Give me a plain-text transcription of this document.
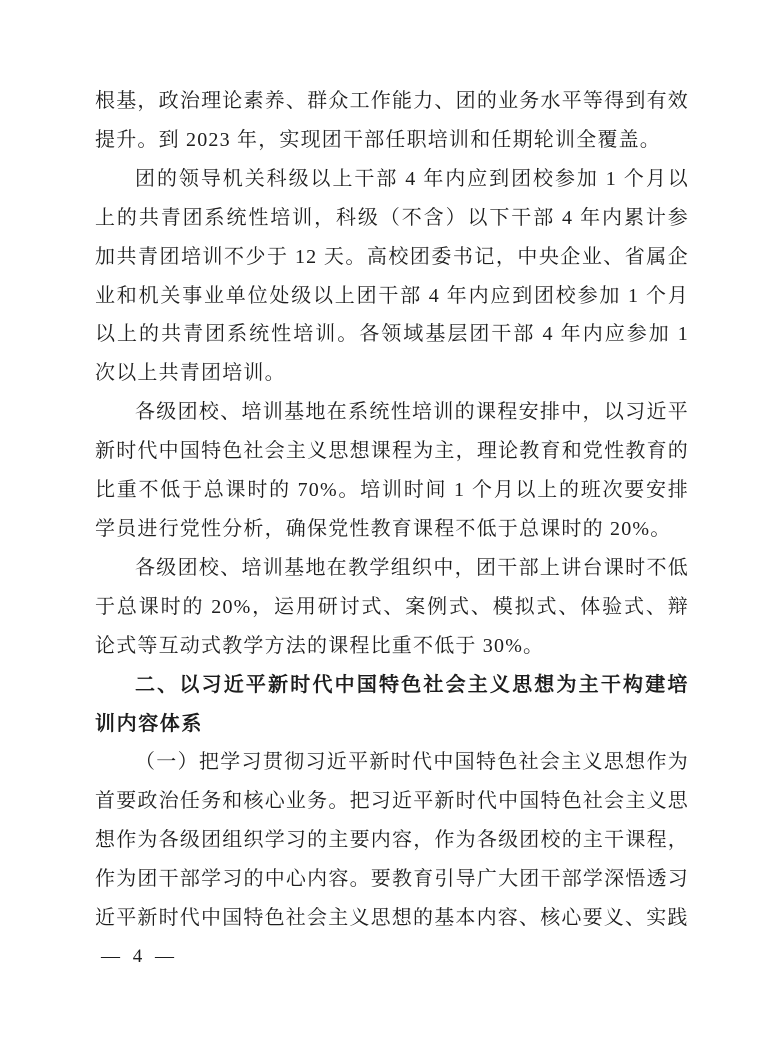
根基，政治理论素养、群众工作能力、团的业务水平等得到有效提升。到 2023 年，实现团干部任职培训和任期轮训全覆盖。

团的领导机关科级以上干部 4 年内应到团校参加 1 个月以上的共青团系统性培训，科级（不含）以下干部 4 年内累计参加共青团培训不少于 12 天。高校团委书记，中央企业、省属企业和机关事业单位处级以上团干部 4 年内应到团校参加 1 个月以上的共青团系统性培训。各领域基层团干部 4 年内应参加 1 次以上共青团培训。

各级团校、培训基地在系统性培训的课程安排中，以习近平新时代中国特色社会主义思想课程为主，理论教育和党性教育的比重不低于总课时的 70%。培训时间 1 个月以上的班次要安排学员进行党性分析，确保党性教育课程不低于总课时的 20%。

各级团校、培训基地在教学组织中，团干部上讲台课时不低于总课时的 20%，运用研讨式、案例式、模拟式、体验式、辩论式等互动式教学方法的课程比重不低于 30%。

二、以习近平新时代中国特色社会主义思想为主干构建培训内容体系

（一）把学习贯彻习近平新时代中国特色社会主义思想作为首要政治任务和核心业务。把习近平新时代中国特色社会主义思想作为各级团组织学习的主要内容，作为各级团校的主干课程，作为团干部学习的中心内容。要教育引导广大团干部学深悟透习近平新时代中国特色社会主义思想的基本内容、核心要义、实践

— 4 —
